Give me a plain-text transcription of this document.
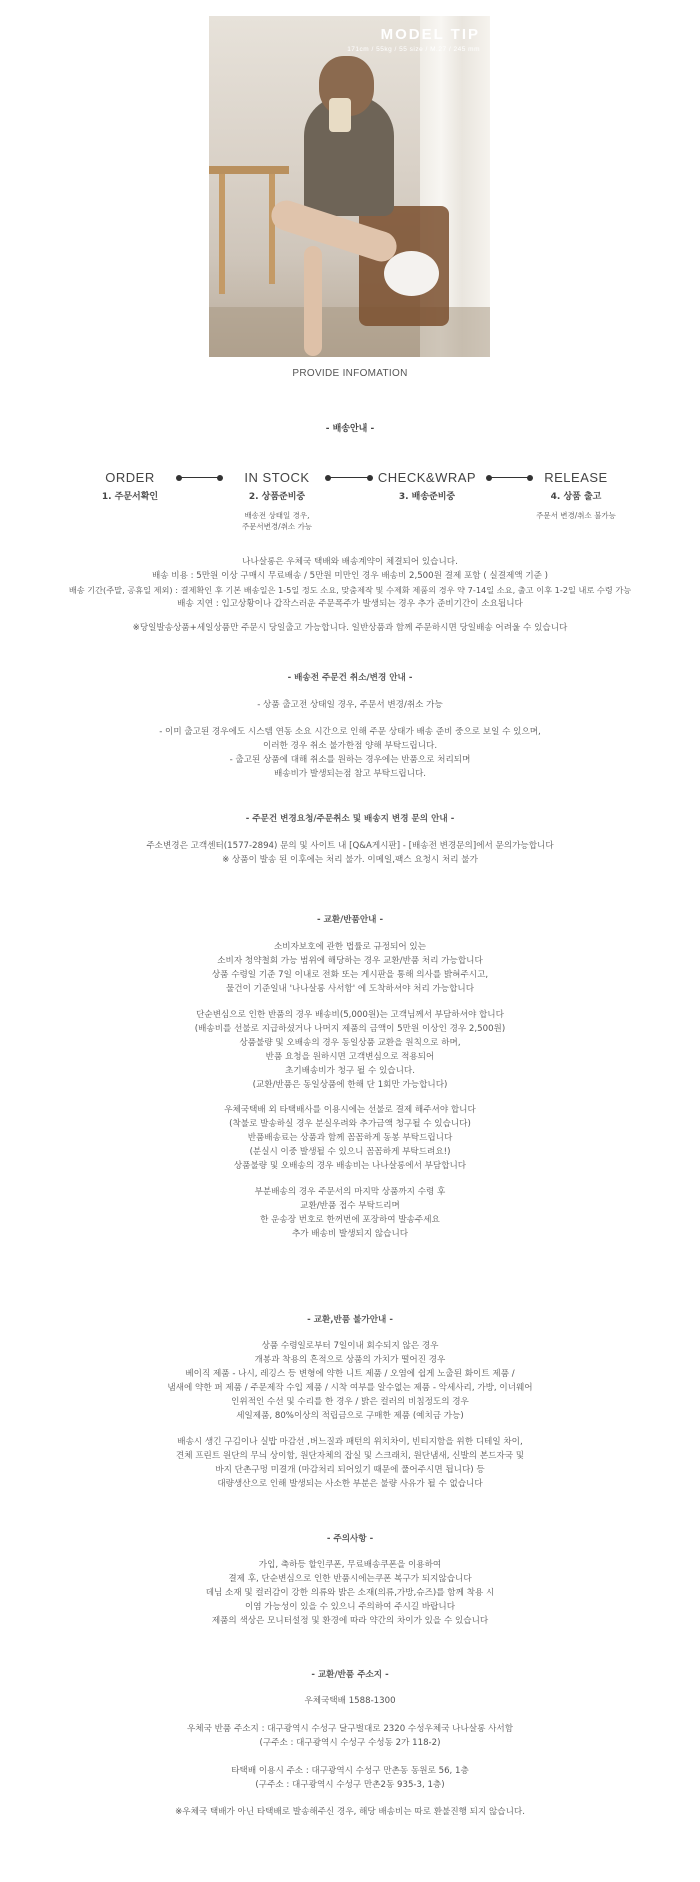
MODEL TIP
171cm / 55kg / 55 size / M.27 / 245 mm
PROVIDE INFOMATION
- 배송안내 -
ORDER
1. 주문서확인
IN STOCK
2. 상품준비중
배송전 상태일 경우,
주문서변경/취소 가능
CHECK&WRAP
3. 배송준비중
RELEASE
4. 상품 출고
주문서 변경/취소 불가능
나나살롱은 우체국 택배와 배송계약이 체결되어 있습니다.
배송 비용 : 5만원 이상 구매시 무료배송 / 5만원 미만인 경우 배송비 2,500원 결제 포함 ( 실결제액 기준 )
배송 기간(주말, 공휴일 제외) : 결제확인 후 기본 배송일은 1-5일 정도 소요, 맞춤제작 및 수제화 제품의 경우 약 7-14일 소요, 출고 이후 1-2일 내로 수령 가능
배송 지연 : 입고상황이나 갑작스러운 주문폭주가 발생되는 경우 추가 준비기간이 소요됩니다
※당일발송상품+세일상품만 주문시 당일출고 가능합니다. 일반상품과 함께 주문하시면 당일배송 어려울 수 있습니다
- 배송전 주문건 취소/변경 안내 -
- 상품 출고전 상태일 경우, 주문서 변경/취소 가능
- 이미 출고된 경우에도 시스템 연동 소요 시간으로 인해 주문 상태가 배송 준비 중으로 보일 수 있으며,
이러한 경우 취소 불가한점 양해 부탁드립니다.
- 출고된 상품에 대해 취소를 원하는 경우에는 반품으로 처리되며
배송비가 발생되는점 참고 부탁드립니다.
- 주문건 변경요청/주문취소 및 배송지 변경 문의 안내 -
주소변경은 고객센터(1577-2894) 문의 및 사이트 내 [Q&A게시판] - [배송전 변경문의]에서 문의가능합니다
※ 상품이 발송 된 이후에는 처리 불가. 이메일,팩스 요청시 처리 불가
- 교환/반품안내 -
소비자보호에 관한 법률로 규정되어 있는
소비자 청약철회 가능 범위에 해당하는 경우 교환/반품 처리 가능합니다
상품 수령일 기준 7일 이내로 전화 또는 게시판을 통해 의사를 밝혀주시고,
물건이 기준일내 '나나살롱 사서함' 에 도착하셔야 처리 가능합니다
단순변심으로 인한 반품의 경우 배송비(5,000원)는 고객님께서 부담하셔야 합니다
(배송비를 선불로 지급하셨거나 나머지 제품의 금액이 5만원 이상인 경우 2,500원)
상품불량 및 오배송의 경우 동일상품 교환을 원칙으로 하며,
반품 요청을 원하시면 고객변심으로 적용되어
초기배송비가 청구 될 수 있습니다.
(교환/반품은 동일상품에 한해 단 1회만 가능합니다)
우체국택배 외 타택배사를 이용시에는 선불로 결제 해주셔야 합니다
(착불로 발송하실 경우 분실우려와 추가금액 청구될 수 있습니다)
반품배송료는 상품과 함께 꼼꼼하게 동봉 부탁드립니다
(분실시 이중 발생될 수 있으니 꼼꼼하게 부탁드려요!)
상품불량 및 오배송의 경우 배송비는 나나살롱에서 부담합니다
부분배송의 경우 주문서의 마지막 상품까지 수령 후
교환/반품 접수 부탁드리며
한 운송장 번호로 한꺼번에 포장하여 발송주세요
추가 배송비 발생되지 않습니다
- 교환,반품 불가안내 -
상품 수령일로부터 7일이내 회수되지 않은 경우
개봉과 착용의 흔적으로 상품의 가치가 떨어진 경우
베이직 제품 - 나시, 레깅스 등 변형에 약한 니트 제품 / 오염에 쉽게 노출된 화이트 제품 /
냄새에 약한 퍼 제품 / 주문제작 수입 제품 / 시착 여부를 알수없는 제품 - 악세사리, 가방, 이너웨어
인위적인 수선 및 수리를 한 경우 / 밝은 컬러의 비침정도의 경우
세일제품, 80%이상의 적립금으로 구매한 제품 (예치금 가능)
배송시 생긴 구김이나 실밥 마감선 ,버느질과 패턴의 위치차이, 빈티지함을 위한 디테일 차이,
견체 프린트 원단의 무늬 상이함, 원단자체의 잡실 및 스크래치, 원단냄새, 신발의 본드자국 및
바지 단촌구멍 미결개 (마감처리 되어있기 때문에 풀어주시면 됩니다) 등
대량생산으로 인해 발생되는 사소한 부분은 불량 사유가 될 수 없습니다
- 주의사항 -
가입, 축하등 할인쿠폰, 무료배송쿠폰을 이용하여
결제 후, 단순변심으로 인한 반품시에는쿠폰 복구가 되지않습니다
데님 소재 및 컬러감이 강한 의류와 밝은 소재(의류,가방,슈즈)를 함께 착용 시
이염 가능성이 있을 수 있으니 주의하여 주시길 바랍니다
제품의 색상은 모니터설정 및 환경에 따라 약간의 차이가 있을 수 있습니다
- 교환/반품 주소지 -
우체국택배 1588-1300
우체국 반품 주소지 : 대구광역시 수성구 달구벌대로 2320 수성우체국 나나살롱 사서함
(구주소 : 대구광역시 수성구 수성동 2가 118-2)
타택배 이용시 주소 : 대구광역시 수성구 만촌동 동원로 56, 1층
(구주소 : 대구광역시 수성구 만촌2동 935-3, 1층)
※우체국 택배가 아닌 타택배로 발송해주신 경우, 해당 배송비는 따로 환불진행 되지 않습니다.
